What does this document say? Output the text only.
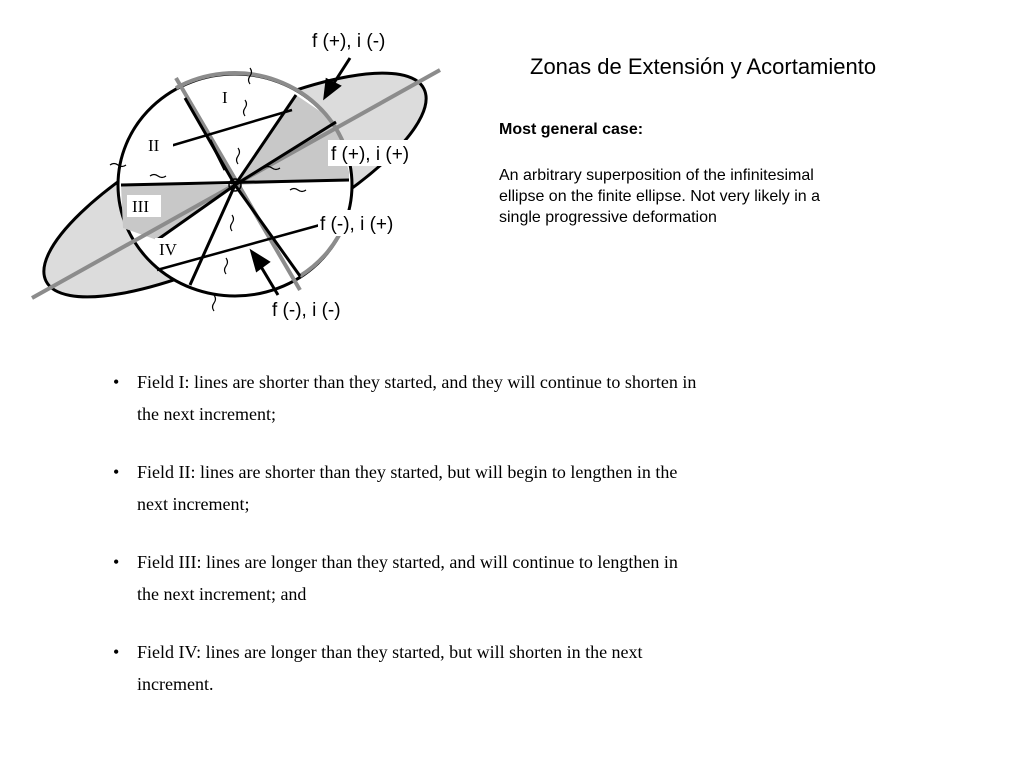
I
II
III
IV
f (+), i (-)
f (+), i (+)
f (-), i (+)
f (-), i (-)
Zonas de Extensión y Acortamiento
Most general case:
An arbitrary superposition of the infinitesimal
ellipse on the finite ellipse. Not very likely in a
single progressive deformation
• Field I: lines are shorter than they started, and they will continue to shorten in
the next increment;
• Field II: lines are shorter than they started, but will begin to lengthen in the
next increment;
• Field III: lines are longer than they started, and will continue to lengthen in
the next increment; and
• Field IV: lines are longer than they started, but will shorten in the next
increment.
